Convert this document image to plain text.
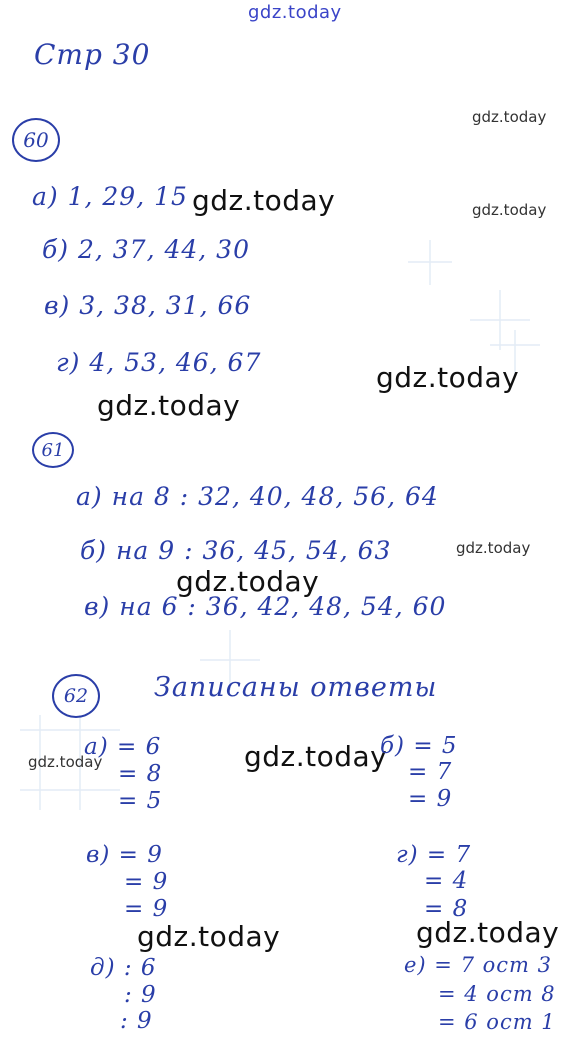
gdz.today
gdz.today
gdz.today	gdz.today
gdz.today
gdz.today
gdz.today
gdz.today
gdz.today	gdz.today
gdz.today	gdz.today
Стр 30
60
а) 1, 29, 15
б) 2, 37, 44, 30
в) 3, 38, 31, 66
г) 4, 53, 46, 67
61
а) на 8 : 32, 40, 48, 56, 64
б) на 9 : 36, 45, 54, 63
в) на 6 : 36, 42, 48, 54, 60
62 Записаны ответы
а) = 6
= 8
= 5
б) = 5
= 7
= 9
в) = 9
= 9
= 9
г) = 7
= 4
= 8
д) : 6
: 9
: 9
е) = 7 ост 3
= 4 ост 8
= 6 ост 1
